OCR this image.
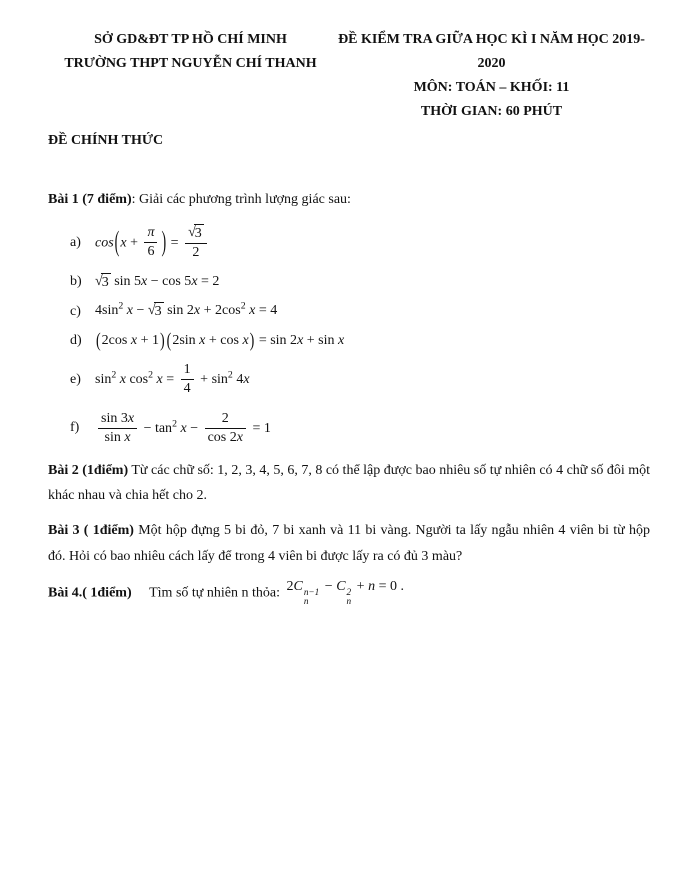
SỞ GD&ĐT TP HỒ CHÍ MINH
TRƯỜNG THPT NGUYỄN CHÍ THANH
ĐỀ KIỂM TRA GIỮA HỌC KÌ I NĂM HỌC 2019-2020
MÔN: TOÁN – KHỐI: 11
THỜI GIAN: 60 PHÚT
ĐỀ CHÍNH THỨC
Bài 1 (7 điểm): Giải các phương trình lượng giác sau:
a)	$\cos(x + \frac{\pi}{6}$ ) = $\frac{√ 3}{2}$
b) √ 3 sin 5x − cos 5x = 2
c)	$4\sin^2$ x − √ 3 $\sin 2x + 2\cos^2$ x = 4
d)	(2cos x + 1) (2sin x + cos x) = sin 2x + sin x
e)	$\sin^2 x$ $\cos^2 x = \frac{1}{4} + \sin^2 4x$
f)	$\frac{\sin 3x}{\text{sin x}} - \tan^2 x - \frac{2}{\cos 2x} = 1$
Bài 2 (1điểm) Từ các chữ số: 1, 2, 3, 4, 5, 6, 7, 8 có thể lập được bao nhiêu số tự nhiên có 4 chữ số đôi một khác nhau và chia hết cho 2.
Bài 3 ( 1điểm) Một hộp đựng 5 bi đỏ, 7 bi xanh và 11 bi vàng. Người ta lấy ngẫu nhiên 4 viên bi từ hộp đó. Hỏi có bao nhiêu cách lấy để trong 4 viên bi được lấy ra có đủ 3 màu?
Bài 4.( 1điểm) Tìm số tự nhiên n thỏa: 2C n−1
n
− C 2
n
+ n = 0 .
